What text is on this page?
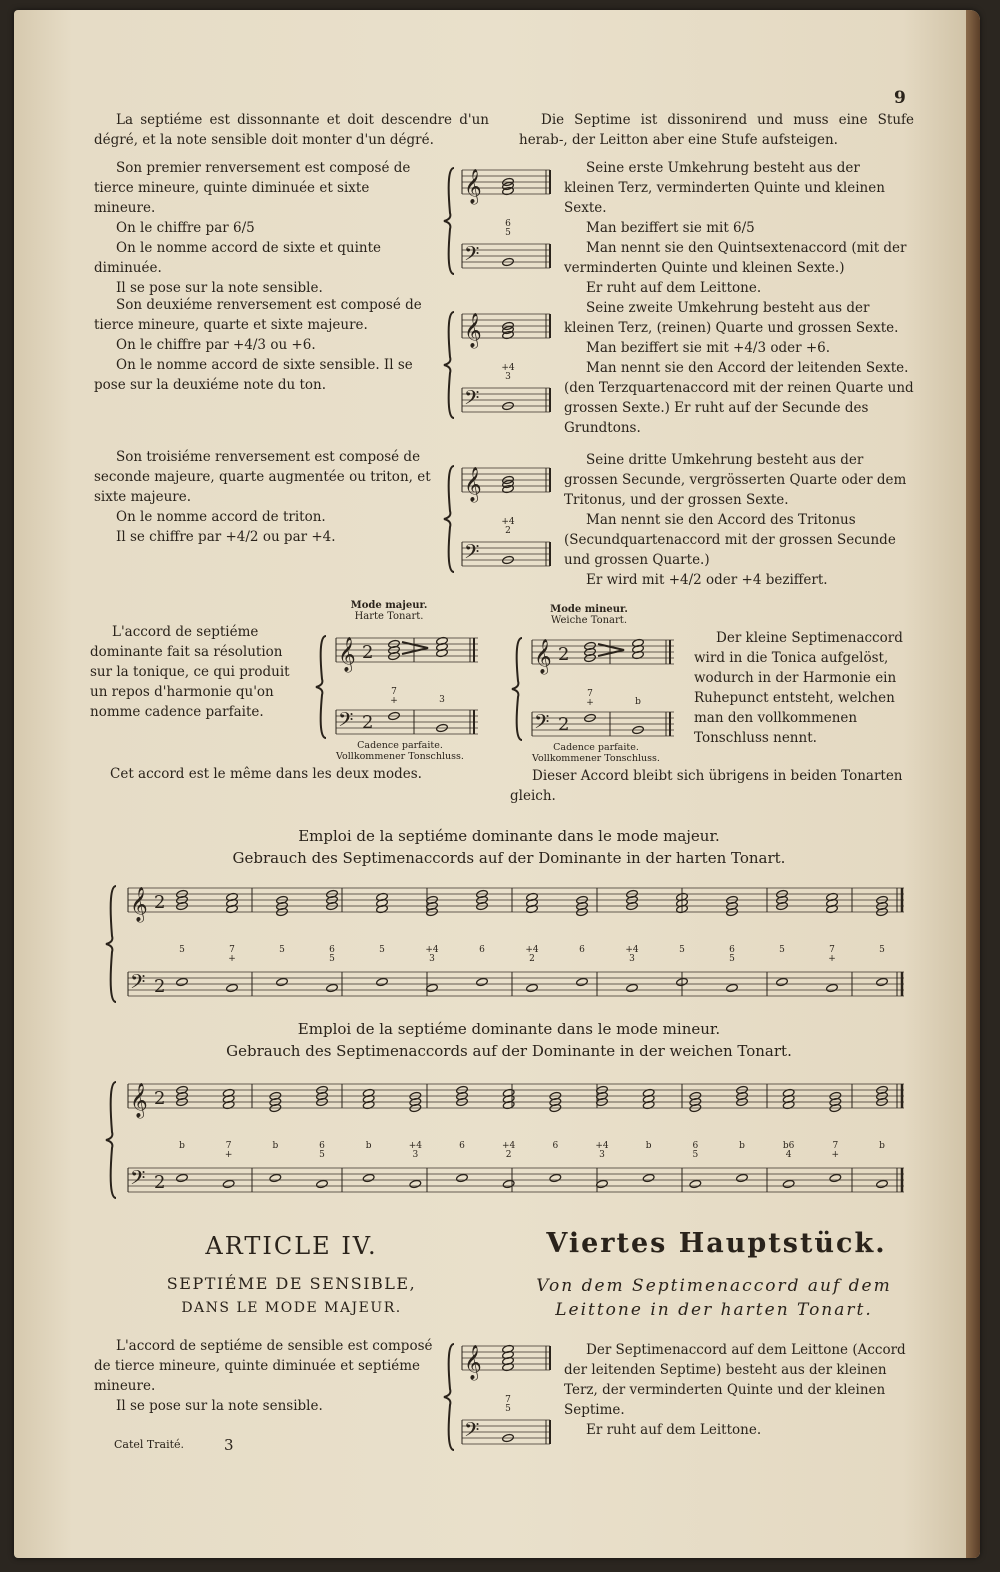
9
La septiéme est dissonnante et doit descendre d'un dégré, et la note sensible doit monter d'un dégré.
Die Septime ist dissonirend und muss eine Stufe herab-, der Leitton aber eine Stufe aufsteigen.

Son premier renversement est composé de tierce mineure, quinte diminuée et sixte mineure.

On le chiffre par 6/5

On le nomme accord de sixte et quinte diminuée.

Il se pose sur la note sensible.

𝄞
𝄢
6
5

Seine erste Umkehrung besteht aus der kleinen Terz, verminderten Quinte und kleinen Sexte.

Man beziffert sie mit 6/5

Man nennt sie den Quintsextenaccord (mit der verminderten Quinte und kleinen Sexte.)

Er ruht auf dem Leittone.

Son deuxiéme renversement est composé de tierce mineure, quarte et sixte majeure.

On le chiffre par +4/3 ou +6.

On le nomme accord de sixte sensible. Il se pose sur la deuxiéme note du ton.

𝄞
𝄢
+4
3

Seine zweite Umkehrung besteht aus der kleinen Terz, (reinen) Quarte und grossen Sexte.

Man beziffert sie mit +4/3 oder +6.

Man nennt sie den Accord der leitenden Sexte. (den Terzquartenaccord mit der reinen Quarte und grossen Sexte.) Er ruht auf der Secunde des Grundtons.

Son troisiéme renversement est composé de seconde majeure, quarte augmentée ou triton, et sixte majeure.

On le nomme accord de triton.

Il se chiffre par +4/2 ou par +4.

𝄞
𝄢
+4
2

Seine dritte Umkehrung besteht aus der grossen Secunde, vergrösserten Quarte oder dem Tritonus, und der grossen Sexte.

Man nennt sie den Accord des Tritonus (Secundquartenaccord mit der grossen Secunde und grossen Quarte.)

Er wird mit +4/2 oder +4 beziffert.

L'accord de septiéme dominante fait sa résolution sur la tonique, ce qui produit un repos d'harmonie qu'on nomme cadence parfaite.
Mode majeur.
Harte Tonart.
𝄞
𝄢
2
2
7
+	3
Cadence parfaite.
Vollkommener Tonschluss.
Mode mineur.
Weiche Tonart.
𝄞
𝄢
2
2
7
+	b
Cadence parfaite.
Vollkommener Tonschluss.
Der kleine Septimenaccord wird in die Tonica aufgelöst, wodurch in der Harmonie ein Ruhepunct entsteht, welchen man den vollkommenen Tonschluss nennt.
Cet accord est le même dans les deux modes.	Dieser Accord bleibt sich übrigens in beiden Tonarten gleich.
Emploi de la septiéme dominante dans le mode majeur.
Gebrauch des Septimenaccords auf der Dominante in der harten Tonart.
𝄞
𝄢
2
2
5	7
+
5	6
5
5	+4
3
6	+4
2
6	+4
3
5	6
5
5	7
+
5
Emploi de la septiéme dominante dans le mode mineur.
Gebrauch des Septimenaccords auf der Dominante in der weichen Tonart.
𝄞
𝄢
2
2
b	7
+
b	6
5
b	+4
3
6	+4
2
6	+4
3
b	6
5
b	b6
4
7
+
b
ARTICLE IV.
SEPTIÉME DE SENSIBLE,
DANS LE MODE MAJEUR.
Viertes Hauptstück.
Von dem Septimenaccord auf dem
Leittone in der harten Tonart.

L'accord de septiéme de sensible est composé de tierce mineure, quinte diminuée et septiéme mineure.

Il se pose sur la note sensible.

𝄞
𝄢
7
5

Der Septimenaccord auf dem Leittone (Accord der leitenden Septime) besteht aus der kleinen Terz, der verminderten Quinte und der kleinen Septime.

Er ruht auf dem Leittone.

Catel Traité.	3
